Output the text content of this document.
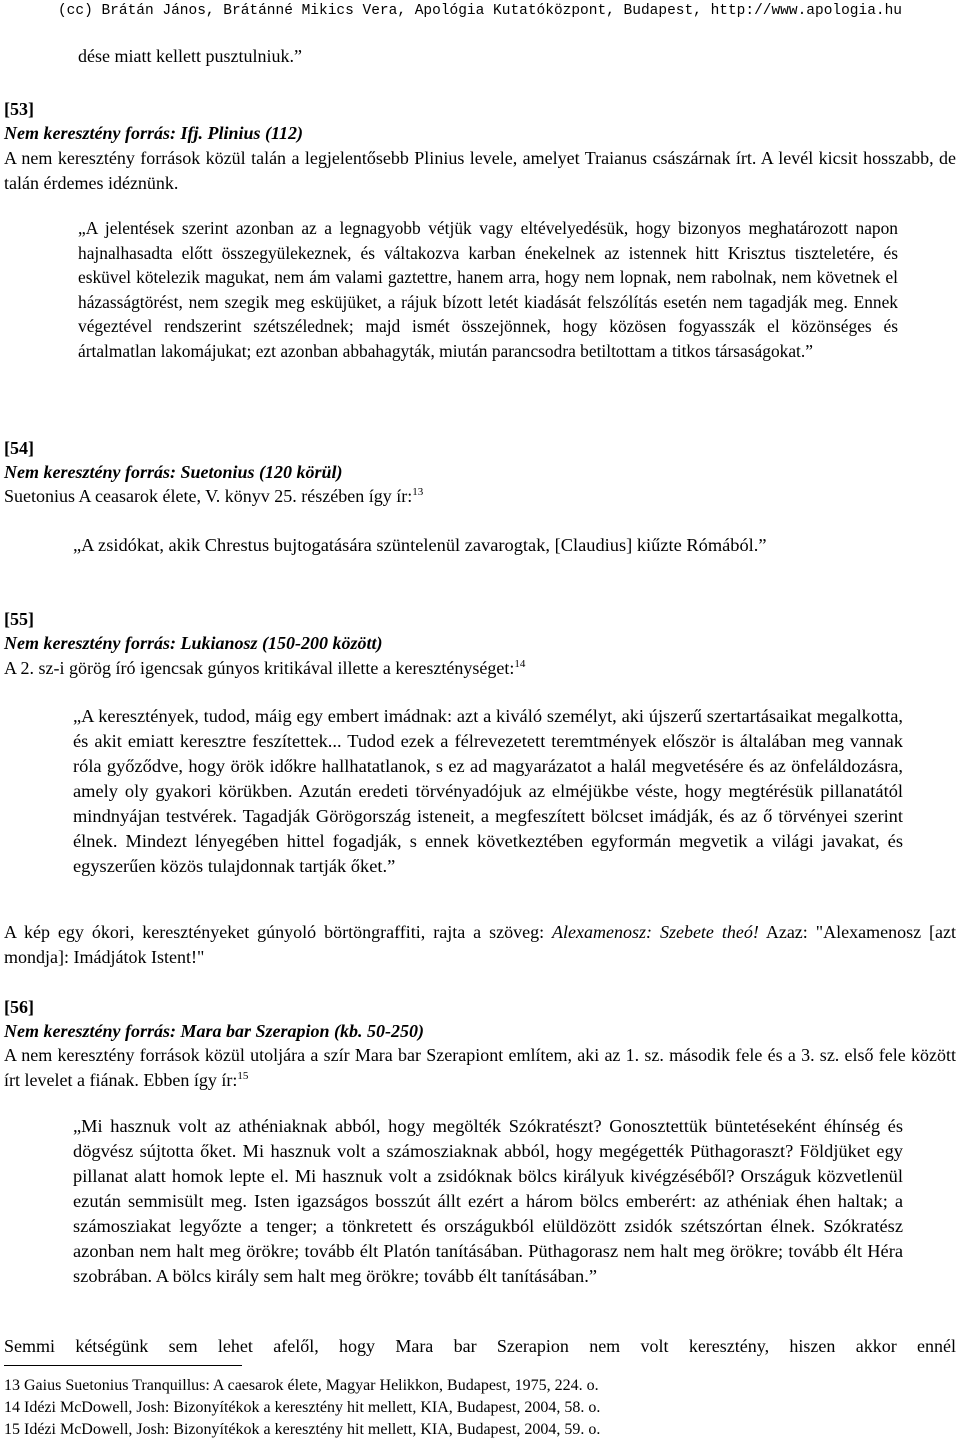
(cc) Brátán János, Brátánné Mikics Vera, Apológia Kutatóközpont, Budapest, http://www.apologia.hu
dése miatt kellett pusztulniuk.”
[53]
Nem keresztény forrás: Ifj. Plinius (112)
A nem keresztény források közül talán a legjelentősebb Plinius levele, amelyet Traianus császárnak írt. A levél kicsit hosszabb, de talán érdemes idéznünk.
„A jelentések szerint azonban az a legnagyobb vétjük vagy eltévelyedésük, hogy bizonyos meghatározott napon hajnalhasadta előtt összegyülekeznek, és váltakozva karban énekelnek az istennek hitt Krisztus tiszteletére, és esküvel kötelezik magukat, nem ám valami gaztettre, hanem arra, hogy nem lopnak, nem rabolnak, nem követnek el házasságtörést, nem szegik meg esküjüket, a rájuk bízott letét kiadását felszólítás esetén nem tagadják meg. Ennek végeztével rendszerint szétszélednek; majd ismét összejönnek, hogy közösen fogyasszák el közönséges és ártalmatlan lakomájukat; ezt azonban abbahagyták, miután parancsodra betiltottam a titkos társaságokat.”
[54]
Nem keresztény forrás: Suetonius (120 körül)
Suetonius A ceasarok élete, V. könyv 25. részében így ír:$^{13}$
„A zsidókat, akik Chrestus bujtogatására szüntelenül zavarogtak, [Claudius] kiűzte Rómából.”
[55]
Nem keresztény forrás: Lukianosz (150-200 között)
A 2. sz-i görög író igencsak gúnyos kritikával illette a kereszténységet:$^{14}$
„A keresztények, tudod, máig egy embert imádnak: azt a kiváló személyt, aki újszerű szertartásaikat megalkotta, és akit emiatt keresztre feszítettek... Tudod ezek a félrevezetett teremtmények először is általában meg vannak róla győződve, hogy örök időkre hallhatatlanok, s ez ad magyarázatot a halál megvetésére és az önfeláldozásra, amely oly gyakori körükben. Azután eredeti törvényadójuk az elméjükbe véste, hogy megtérésük pillanatától mindnyájan testvérek. Tagadják Görögország isteneit, a megfeszített bölcset imádják, és az ő törvényei szerint élnek. Mindezt lényegében hittel fogadják, s ennek következtében egyformán megvetik a világi javakat, és egyszerűen közös tulajdonnak tartják őket.”
A kép egy ókori, keresztényeket gúnyoló börtöngraffiti, rajta a szöveg: Alexamenosz: Szebete theó! Azaz: "Alexamenosz [azt mondja]: Imádjátok Istent!"
[56]
Nem keresztény forrás: Mara bar Szerapion (kb. 50-250)
A nem keresztény források közül utoljára a szír Mara bar Szerapiont említem, aki az 1. sz. második fele és a 3. sz. első fele között írt levelet a fiának. Ebben így ír:$^{15}$
„Mi hasznuk volt az athéniaknak abból, hogy megölték Szókratészt? Gonosztettük büntetéseként éhínség és dögvész sújtotta őket. Mi hasznuk volt a számosziaknak abból, hogy megégették Püthagoraszt? Földjüket egy pillanat alatt homok lepte el. Mi hasznuk volt a zsidóknak bölcs királyuk kivégzéséből? Országuk közvetlenül ezután semmisült meg. Isten igazságos bosszút állt ezért a három bölcs emberért: az athéniak éhen haltak; a számosziakat legyőzte a tenger; a tönkretett és országukból elüldözött zsidók szétszórtan élnek. Szókratész azonban nem halt meg örökre; tovább élt Platón tanításában. Püthagorasz nem halt meg örökre; tovább élt Héra szobrában. A bölcs király sem halt meg örökre; tovább élt tanításában.”
Semmi kétségünk sem lehet afelől, hogy Mara bar Szerapion nem volt keresztény, hiszen akkor ennél
13 Gaius Suetonius Tranquillus: A caesarok élete, Magyar Helikkon, Budapest, 1975, 224. o.
14 Idézi McDowell, Josh: Bizonyítékok a keresztény hit mellett, KIA, Budapest, 2004, 58. o.
15 Idézi McDowell, Josh: Bizonyítékok a keresztény hit mellett, KIA, Budapest, 2004, 59. o.
